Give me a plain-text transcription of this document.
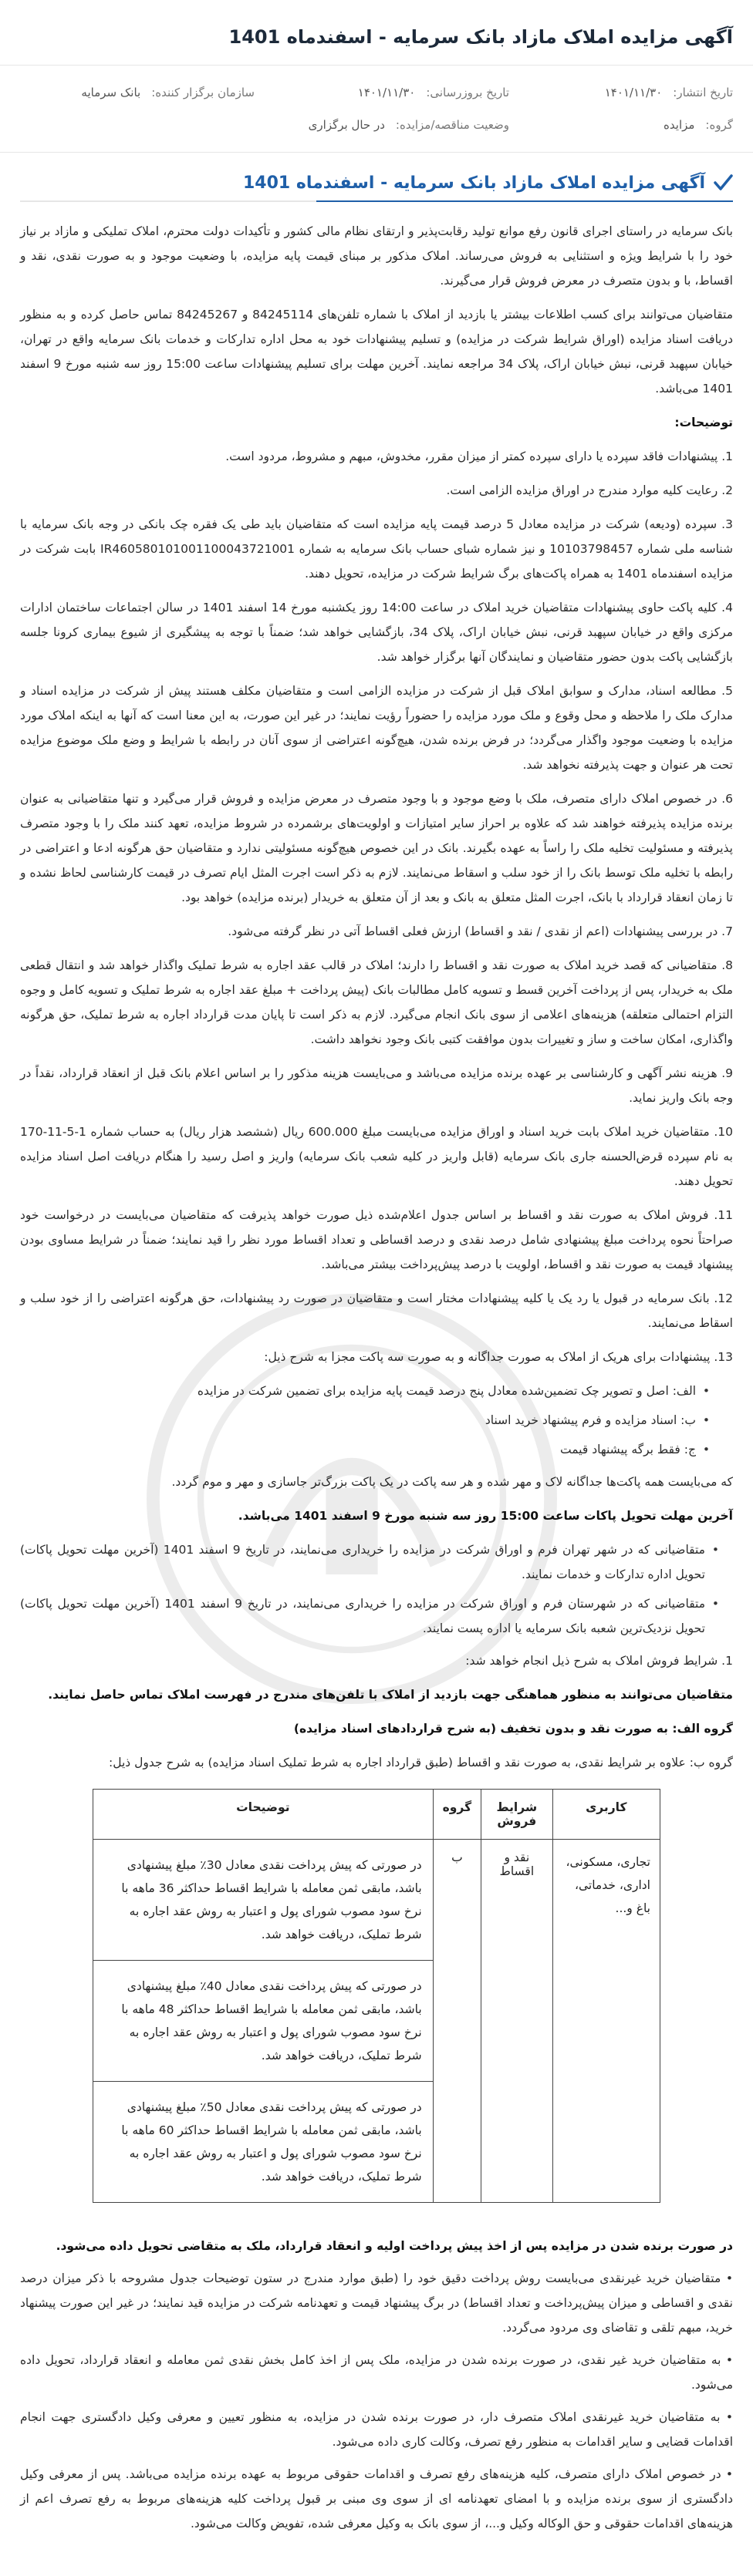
آگهی مزایده املاک مازاد بانک سرمایه - اسفندماه 1401
تاریخ انتشار:
۱۴۰۱/۱۱/۳۰
تاریخ بروزرسانی:
۱۴۰۱/۱۱/۳۰
سازمان برگزار کننده:
بانک سرمایه
گروه:
مزایده
وضعیت مناقصه/مزایده:
در حال برگزاری
آگهی مزایده املاک مازاد بانک سرمایه - اسفندماه 1401

بانک سرمایه در راستای اجرای قانون رفع موانع تولید رقابت‌پذیر و ارتقای نظام مالی کشور و تأکیدات دولت محترم، املاک تملیکی و مازاد بر نیاز خود را با شرایط ویژه و استثنایی به فروش می‌رساند. املاک مذکور بر مبنای قیمت پایه مزایده، با وضعیت موجود و به صورت نقدی، نقد و اقساط، ‌با و بدون متصرف در معرض فروش قرار می‌گیرند.

متقاضیان می‌توانند برای کسب اطلاعات بیشتر یا بازدید از املاک با شماره تلفن‌های 84245114 و 84245267 تماس حاصل کرده و به منظور دریافت اسناد مزایده (اوراق شرایط شرکت در مزایده) و تسلیم پیشنهادات خود به محل اداره تدارکات و خدمات بانک سرمایه واقع در تهران، خیابان سپهبد قرنی، نبش خیابان اراک، پلاک 34 مراجعه نمایند. آخرین مهلت برای تسلیم پیشنهادات ساعت 15:00 روز سه شنبه مورخ 9 اسفند 1401 می‌باشد.

توضیحات:

1. پیشنهادات فاقد سپرده یا دارای سپرده کمتر از میزان مقرر، مخدوش، مبهم و مشروط، مردود است.

2. رعایت کلیه موارد مندرج در اوراق مزایده الزامی است.

3. سپرده (ودیعه) شرکت در مزایده معادل 5 درصد قیمت پایه مزایده است که متقاضیان باید طی یک فقره چک بانکی در وجه بانک سرمایه با شناسه ملی شماره 10103798457 و نیز شماره شبای حساب بانک سرمایه به شماره IR460580101001100043721001 بابت شرکت در مزایده اسفندماه 1401 به همراه پاکت‌های برگ شرایط شرکت در مزایده، تحویل دهند.

4. کلیه پاکت حاوی پیشنهادات متقاضیان خرید املاک در ساعت 14:00 روز یکشنبه مورخ 14 اسفند 1401 در سالن اجتماعات ساختمان ادارات مرکزی واقع در خیابان سپهبد قرنی، نبش خیابان اراک، پلاک 34، بازگشایی خواهد شد؛ ضمناً با توجه به پیشگیری از شیوع بیماری کرونا جلسه بازگشایی پاکت بدون حضور متقاضیان و نمایندگان آنها برگزار خواهد شد.

5. مطالعه اسناد، مدارک و سوابق املاک قبل از شرکت در مزایده الزامی است و متقاضیان مکلف هستند پیش از شرکت در مزایده اسناد و مدارک ملک را ملاحظه و محل وقوع و ملک مورد مزایده را حضوراً رؤیت نمایند؛ در غیر این صورت، به این معنا است که آنها به اینکه املاک مورد مزایده با وضعیت موجود واگذار می‌گردد؛ در فرض برنده شدن، هیچ‌گونه اعتراضی از سوی آنان در رابطه با شرایط و وضع ملک موضوع مزایده تحت هر عنوان و جهت پذیرفته نخواهد شد.

6. در خصوص املاک دارای متصرف، ملک با وضع موجود و با وجود متصرف در معرض مزایده و فروش قرار می‌گیرد و تنها متقاضیانی به عنوان برنده مزایده پذیرفته خواهند شد که علاوه بر احراز سایر امتیازات و اولویت‌های برشمرده در شروط مزایده، تعهد کنند ملک را با وجود متصرف پذیرفته و مسئولیت تخلیه ملک را راساً به عهده بگیرند. بانک در این خصوص هیچ‌گونه مسئولیتی ندارد و متقاضیان حق هرگونه ادعا و اعتراضی در رابطه با تخلیه ملک توسط بانک را از خود سلب و اسقاط می‌نمایند. لازم به ذکر است اجرت المثل ایام تصرف در قیمت کارشناسی لحاظ نشده و تا زمان انعقاد قرارداد با بانک، اجرت المثل متعلق به بانک و بعد از آن متعلق به خریدار (برنده مزایده) خواهد بود.

7. در بررسی پیشنهادات (اعم از نقدی / نقد و اقساط) ارزش فعلی اقساط آتی در نظر گرفته می‌شود.

8. متقاضیانی که قصد خرید املاک به صورت نقد و اقساط را دارند؛ املاک در قالب عقد اجاره به شرط تملیک واگذار خواهد شد و انتقال قطعی ملک به خریدار، پس از پرداخت آخرین قسط و تسویه کامل مطالبات بانک (پیش پرداخت + مبلغ عقد اجاره به شرط تملیک و تسویه کامل و وجوه التزام احتمالی متعلقه) هزینه‌های اعلامی از سوی بانک انجام می‌گیرد. لازم به ذکر است تا پایان مدت قرارداد اجاره به شرط تملیک، حق هرگونه واگذاری، امکان ساخت و ساز و تغییرات بدون موافقت کتبی بانک وجود نخواهد داشت.

9. هزینه نشر آگهی و کارشناسی بر عهده برنده مزایده می‌باشد و می‌بایست هزینه مذکور را بر اساس اعلام بانک قبل از انعقاد قرارداد، نقداً در وجه بانک واریز نماید.

10. متقاضیان خرید املاک بابت خرید اسناد و اوراق مزایده می‌بایست مبلغ 600.000 ریال (ششصد هزار ریال) به حساب شماره 1-5-11-170 به نام سپرده قرض‌الحسنه جاری بانک سرمایه (قابل واریز در کلیه شعب بانک سرمایه) واریز و اصل رسید را هنگام دریافت اصل اسناد مزایده تحویل دهند.

11. فروش املاک به صورت نقد و اقساط بر اساس جدول اعلام‌شده ذیل صورت خواهد پذیرفت که متقاضیان می‌بایست در درخواست خود صراحتاً نحوه پرداخت مبلغ پیشنهادی شامل درصد نقدی و درصد اقساطی و تعداد اقساط مورد نظر را قید نمایند؛ ضمناً در شرایط مساوی بودن پیشنهاد قیمت به صورت نقد و اقساط، اولویت با درصد پیش‌پرداخت بیشتر می‌باشد.

12. بانک سرمایه در قبول یا رد یک یا کلیه پیشنهادات مختار است و متقاضیان در صورت رد پیشنهادات، حق هرگونه اعتراضی را از خود سلب و اسقاط می‌نمایند.

13. پیشنهادات برای هریک از املاک به صورت جداگانه و به صورت سه پاکت مجزا به شرح ذیل:

• الف: اصل و تصویر چک تضمین‌شده معادل پنج درصد قیمت پایه مزایده برای تضمین شرکت در مزایده
• ب: اسناد مزایده و فرم پیشنهاد خرید اسناد
• ج: فقط برگه پیشنهاد قیمت

که می‌بایست همه پاکت‌ها جداگانه لاک و مهر شده و هر سه پاکت در یک پاکت بزرگ‌تر جاسازی و مهر و موم گردد.

آخرین مهلت تحویل پاکات ساعت 15:00 روز سه شنبه مورخ 9 اسفند 1401 می‌باشد.

• متقاضیانی که در شهر تهران فرم و اوراق شرکت در مزایده را خریداری می‌نمایند، در تاریخ 9 اسفند 1401 (آخرین مهلت تحویل پاکات) تحویل اداره تدارکات و خدمات نمایند.
• متقاضیانی که در شهرستان فرم و اوراق شرکت در مزایده را خریداری می‌نمایند، در تاریخ 9 اسفند 1401 (آخرین مهلت تحویل پاکات) تحویل نزدیک‌ترین شعبه بانک سرمایه یا اداره پست نمایند.

1. شرایط فروش املاک به شرح ذیل انجام خواهد شد:

متقاضیان می‌توانند به منظور هماهنگی جهت بازدید از املاک با تلفن‌های مندرج در فهرست املاک تماس حاصل نمایند.

گروه الف: به صورت نقد و بدون تخفیف (به شرح قرارداد‌های اسناد مزایده)

گروه ب: علاوه بر شرایط نقدی، به صورت نقد و اقساط (طبق قرارداد اجاره به شرط تملیک اسناد مزایده) به شرح جدول ذیل:

کاربری	شرایط فروش	گروه	توضیحات
تجاری، مسکونی، اداری، خدماتی، باغ و...	نقد و اقساط	ب	در صورتی که پیش پرداخت نقدی معادل 30٪ مبلغ پیشنهادی باشد، مابقی ثمن معامله با شرایط اقساط حداکثر 36 ماهه با نرخ سود مصوب شورای پول و اعتبار به روش عقد اجاره به شرط تملیک، دریافت خواهد شد.
			در صورتی که پیش پرداخت نقدی معادل 40٪ مبلغ پیشنهادی باشد، مابقی ثمن معامله با شرایط اقساط حداکثر 48 ماهه با نرخ سود مصوب شورای پول و اعتبار به روش عقد اجاره به شرط تملیک، دریافت خواهد شد.
			در صورتی که پیش پرداخت نقدی معادل 50٪ مبلغ پیشنهادی باشد، مابقی ثمن معامله با شرایط اقساط حداکثر 60 ماهه با نرخ سود مصوب شورای پول و اعتبار به روش عقد اجاره به شرط تملیک، دریافت خواهد شد.

در صورت برنده شدن در مزایده پس از اخذ پیش پرداخت اولیه و انعقاد قرارداد، ملک به متقاضی تحویل داده می‌شود.

• متقاضیان خرید غیرنقدی می‌بایست روش پرداخت دقیق خود را (طبق موارد مندرج در ستون توضیحات جدول مشروحه با ذکر میزان درصد نقدی و اقساطی و میزان پیش‌پرداخت و تعداد اقساط) در برگ پیشنهاد قیمت و تعهدنامه شرکت در مزایده قید نمایند؛ در غیر این صورت پیشنهاد خرید، مبهم تلقی و تقاضای وی مردود می‌گردد.

• به متقاضیان خرید غیر نقدی، در صورت برنده شدن در مزایده، ملک پس از اخذ کامل بخش نقدی ثمن معامله و انعقاد قرارداد، تحویل داده می‌شود.

• به متقاضیان خرید غیرنقدی املاک متصرف دار، در صورت برنده شدن در مزایده، به منظور تعیین و معرفی وکیل دادگستری جهت انجام اقدامات قضایی و سایر اقدامات به منظور رفع تصرف، وکالت کاری داده می‌شود.

• در خصوص املاک دارای متصرف، کلیه هزینه‌های رفع تصرف و اقدامات حقوقی مربوط به عهده برنده مزایده می‌باشد. پس از معرفی وکیل دادگستری از سوی برنده مزایده و با امضای تعهدنامه ای از سوی وی مبنی بر قبول پرداخت کلیه هزینه‌های مربوط به رفع تصرف اعم از هزینه‌های اقدامات حقوقی و حق الوکاله وکیل و...، از سوی بانک به وکیل معرفی شده، تفویض وکالت می‌شود.
